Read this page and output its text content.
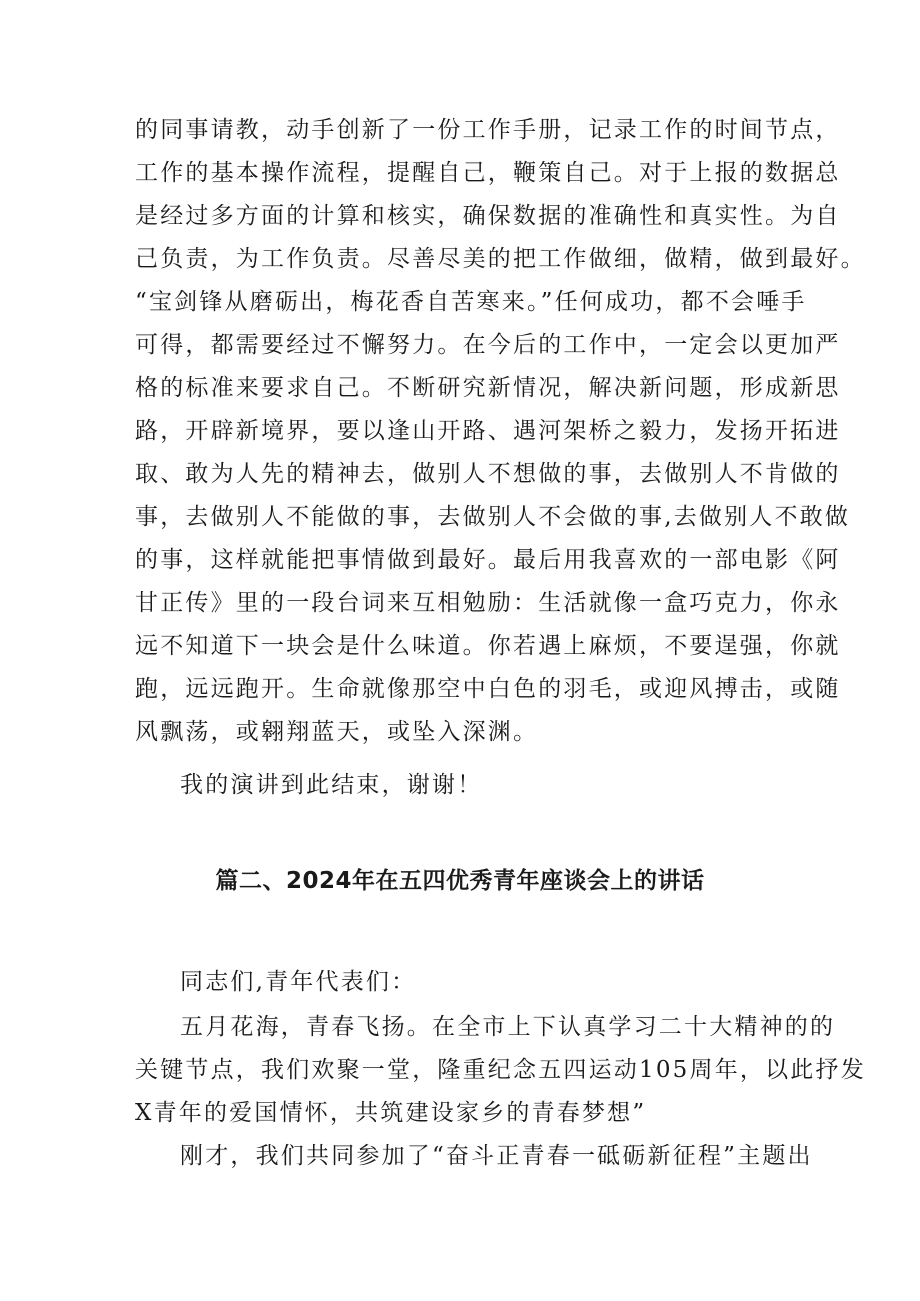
的同事请教，动手创新了一份工作手册，记录工作的时间节点，
工作的基本操作流程，提醒自己，鞭策自己。对于上报的数据总
是经过多方面的计算和核实，确保数据的准确性和真实性。为自
己负责，为工作负责。尽善尽美的把工作做细，做精，做到最好。
“宝剑锋从磨砺出，梅花香自苦寒来。”任何成功，都不会唾手
可得，都需要经过不懈努力。在今后的工作中，一定会以更加严
格的标准来要求自己。不断研究新情况，解决新问题，形成新思
路，开辟新境界，要以逢山开路、遇河架桥之毅力，发扬开拓进
取、敢为人先的精神去，做别人不想做的事，去做别人不肯做的
事，去做别人不能做的事，去做别人不会做的事,去做别人不敢做
的事，这样就能把事情做到最好。最后用我喜欢的一部电影《阿
甘正传》里的一段台词来互相勉励：生活就像一盒巧克力，你永
远不知道下一块会是什么味道。你若遇上麻烦，不要逞强，你就
跑，远远跑开。生命就像那空中白色的羽毛，或迎风搏击，或随
风飘荡，或翱翔蓝天，或坠入深渊。
我的演讲到此结束，谢谢！
篇二、2024年在五四优秀青年座谈会上的讲话
同志们,青年代表们：
五月花海，青春飞扬。在全市上下认真学习二十大精神的的
关键节点，我们欢聚一堂，隆重纪念五四运动105周年，以此抒发
X青年的爱国情怀，共筑建设家乡的青春梦想”
刚才，我们共同参加了“奋斗正青春一砥砺新征程”主题出
